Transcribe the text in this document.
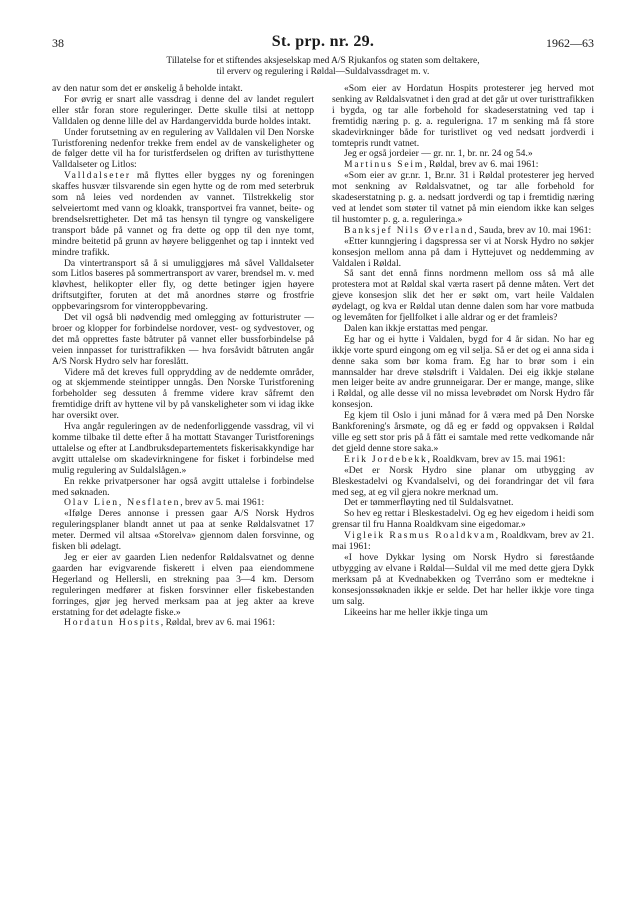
38	St. prp. nr. 29.	1962—63
Tillatelse for et stiftendes aksjeselskap med A/S Rjukanfos og staten som deltakere,
til erverv og regulering i Røldal—Suldalvassdraget m. v.

av den natur som det er ønskelig å beholde intakt.

For øvrig er snart alle vassdrag i denne del av landet regulert eller står foran store reguleringer. Dette skulle tilsi at nettopp Valldalen og denne lille del av Hardangervidda burde holdes intakt.

Under forutsetning av en regulering av Valldalen vil Den Norske Turistforening nedenfor trekke frem endel av de vanskeligheter og de følger dette vil ha for turistferdselen og driften av turisthyttene Valldalseter og Litlos:

Valldalseter må flyttes eller bygges ny og foreningen skaffes husvær tilsvarende sin egen hytte og de rom med seterbruk som nå leies ved nordenden av vannet. Tilstrekkelig stor selveiertomt med vann og kloakk, transportvei fra vannet, beite- og brendselsrettigheter. Det må tas hensyn til tyngre og vanskeligere transport både på vannet og fra dette og opp til den nye tomt, mindre beitetid på grunn av høyere beliggenhet og tap i inntekt ved mindre trafikk.

Da vintertransport så å si umuliggjøres må såvel Valldalseter som Litlos baseres på sommertransport av varer, brendsel m. v. med kløvhest, helikopter eller fly, og dette betinger igjen høyere driftsutgifter, foruten at det må anordnes større og frostfrie oppbevaringsrom for vinteroppbevaring.

Det vil også bli nødvendig med omlegging av fotturistruter — broer og klopper for forbindelse nordover, vest- og sydvestover, og det må opprettes faste båtruter på vannet eller bussforbindelse på veien innpasset for turisttrafikken — hva forsåvidt båtruten angår A/S Norsk Hydro selv har foreslått.

Videre må det kreves full opprydding av de neddemte områder, og at skjemmende steintipper unngås. Den Norske Turistforening forbeholder seg dessuten å fremme videre krav såfremt den fremtidige drift av hyttene vil by på vanskeligheter som vi idag ikke har oversikt over.

Hva angår reguleringen av de nedenforliggende vassdrag, vil vi komme tilbake til dette efter å ha mottatt Stavanger Turistforenings uttalelse og efter at Landbruksdepartementets fiskerisakkyndige har avgitt uttalelse om skadevirkningene for fisket i forbindelse med mulig regulering av Suldalslågen.»

En rekke privatpersoner har også avgitt uttalelse i forbindelse med søknaden.

Olav Lien, Nesflaten, brev av 5. mai 1961:

«Ifølge Deres annonse i pressen gaar A/S Norsk Hydros reguleringsplaner blandt annet ut paa at senke Røldalsvatnet 17 meter. Dermed vil altsaa «Storelva» gjennom dalen forsvinne, og fisken bli ødelagt.

Jeg er eier av gaarden Lien nedenfor Røldalsvatnet og denne gaarden har evigvarende fiskerett i elven paa eiendommene Hegerland og Hellersli, en strekning paa 3—4 km. Dersom reguleringen medfører at fisken forsvinner eller fiskebestanden forringes, gjør jeg herved merksam paa at jeg akter aa kreve erstatning for det ødelagte fiske.»

Hordatun Hospits, Røldal, brev av 6. mai 1961:

«Som eier av Hordatun Hospits protesterer jeg herved mot senking av Røldalsvatnet i den grad at det går ut over turisttrafikken i bygda, og tar alle forbehold for skadeserstatning ved tap i fremtidig næring p. g. a. regulerigna. 17 m senking må få store skadevirkninger både for turistlivet og ved nedsatt jordverdi i tomtepris rundt vatnet.

Jeg er også jordeier — gr. nr. 1, br. nr. 24 og 54.»

Martinus Seim, Røldal, brev av 6. mai 1961:

«Som eier av gr.nr. 1, Br.nr. 31 i Røldal protesterer jeg herved mot senkning av Røldalsvatnet, og tar alle forbehold for skadeserstatning p. g. a. nedsatt jordverdi og tap i fremtidig næring ved at lendet som støter til vatnet på min eiendom ikke kan selges til hustomter p. g. a. reguleringa.»

Banksjef Nils Øverland, Sauda, brev av 10. mai 1961:

«Etter kunngjering i dagspressa ser vi at Norsk Hydro no søkjer konsesjon mellom anna på dam i Hyttejuvet og neddemming av Valdalen i Røldal.

Så sant det ennå finns nordmenn mellom oss så må alle protestera mot at Røldal skal værta rasert på denne måten. Vert det gjeve konsesjon slik det her er søkt om, vart heile Valdalen øydelagt, og kva er Røldal utan denne dalen som har vore matbuda og levemåten for fjellfolket i alle aldrar og er det framleis?

Dalen kan ikkje erstattas med pengar.

Eg har og ei hytte i Valdalen, bygd for 4 år sidan. No har eg ikkje vorte spurd eingong om eg vil selja. Så er det og ei anna sida i denne saka som bør koma fram. Eg har to brør som i ein mannsalder har dreve stølsdrift i Valdalen. Dei eig ikkje stølane men leiger beite av andre grunneigarar. Der er mange, mange, slike i Røldal, og alle desse vil no missa levebrødet om Norsk Hydro får konsesjon.

Eg kjem til Oslo i juni månad for å væra med på Den Norske Bankforening's årsmøte, og då eg er fødd og oppvaksen i Røldal ville eg sett stor pris på å fått ei samtale med rette vedkomande når det gjeld denne store saka.»

Erik Jordebekk, Roaldkvam, brev av 15. mai 1961:

«Det er Norsk Hydro sine planar om utbygging av Bleskestadelvi og Kvandalselvi, og dei forandringar det vil føra med seg, at eg vil gjera nokre merknad um.

Det er tømmerfløyting ned til Suldalsvatnet.

So hev eg rettar i Bleskestadelvi. Og eg hev eigedom i heidi som grensar til fru Hanna Roaldkvam sine eigedomar.»

Vigleik Rasmus Roaldkvam, Roaldkvam, brev av 21. mai 1961:

«I hove Dykkar lysing om Norsk Hydro si føreståande utbygging av elvane i Røldal—Suldal vil me med dette gjera Dykk merksam på at Kvednabekken og Tverråno som er medtekne i konsesjonssøknaden ikkje er selde. Det har heller ikkje vore tinga um salg.

Likeeins har me heller ikkje tinga um
